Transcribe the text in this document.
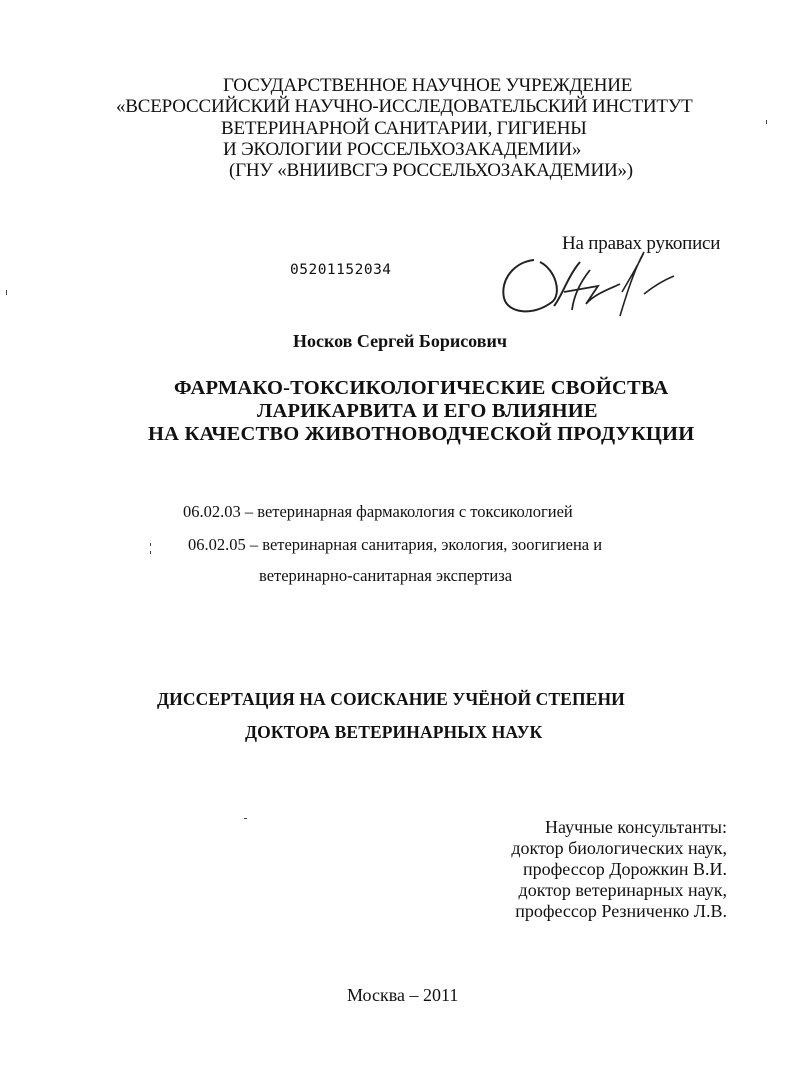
ГОСУДАРСТВЕННОЕ НАУЧНОЕ УЧРЕЖДЕНИЕ
«ВСЕРОССИЙСКИЙ НАУЧНО-ИССЛЕДОВАТЕЛЬСКИЙ ИНСТИТУТ
ВЕТЕРИНАРНОЙ САНИТАРИИ, ГИГИЕНЫ
И ЭКОЛОГИИ РОССЕЛЬХОЗАКАДЕМИИ»
(ГНУ «ВНИИВСГЭ РОССЕЛЬХОЗАКАДЕМИИ»)
На правах рукописи
05201152034
Носков Сергей Борисович
ФАРМАКО-ТОКСИКОЛОГИЧЕСКИЕ СВОЙСТВА
ЛАРИКАРВИТА И ЕГО ВЛИЯНИЕ
НА КАЧЕСТВО ЖИВОТНОВОДЧЕСКОЙ ПРОДУКЦИИ
06.02.03 – ветеринарная фармакология с токсикологией
06.02.05 – ветеринарная санитария, экология, зоогигиена и
ветеринарно-санитарная экспертиза
ДИССЕРТАЦИЯ НА СОИСКАНИЕ УЧЁНОЙ СТЕПЕНИ
ДОКТОРА ВЕТЕРИНАРНЫХ НАУК
Научные консультанты:
доктор биологических наук,
профессор Дорожкин В.И.
доктор ветеринарных наук,
профессор Резниченко Л.В.
Москва – 2011
